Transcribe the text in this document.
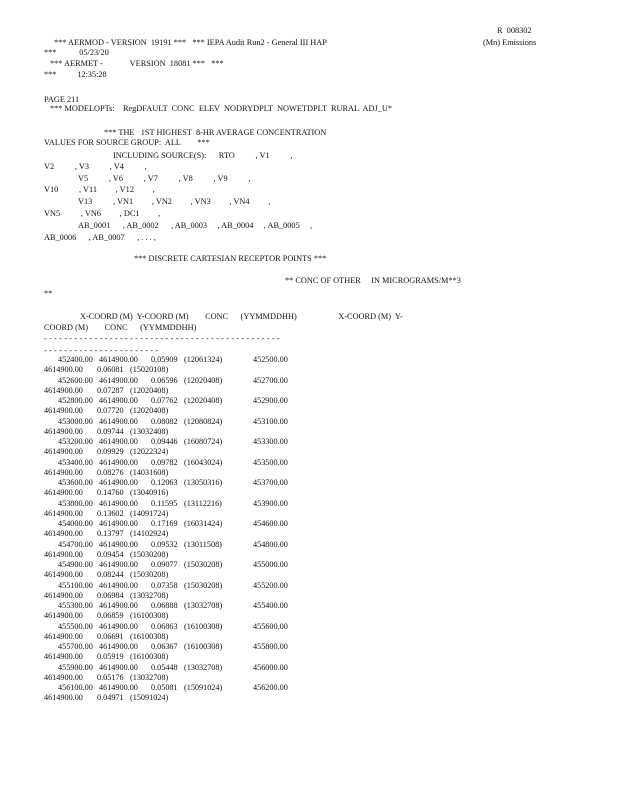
R  008302
*** AERMOD - VERSION  19191 ***   *** IEPA Audit Run2 - General III HAP	(Mn) Emissions
***           05/23/20
*** AERMET -             VERSION  18081 ***   ***
***          12:35:28
PAGE 211
*** MODELOPTs:    RegDFAULT  CONC  ELEV  NODRYDPLT  NOWETDPLT  RURAL  ADJ_U*
*** THE   1ST HIGHEST  8-HR AVERAGE CONCENTRATION
VALUES FOR SOURCE GROUP:  ALL        ***
INCLUDING SOURCE(S):      RTO          , V1          ,
V2          , V3          , V4          ,
V5          , V6          , V7          , V8          , V9          ,
V10          , V11         , V12         ,
V13          , VN1         , VN2         , VN3         , VN4         ,
VN5          , VN6         , DC1         ,
AB_0001      , AB_0002      , AB_0003     , AB_0004     , AB_0005     ,
AB_0006      , AB_0007      , . . . ,
*** DISCRETE CARTESIAN RECEPTOR POINTS ***
** CONC OF OTHER     IN MICROGRAMS/M**3
**
X-COORD (M)  Y-COORD (M)        CONC      (YYMMDDHH)                    X-COORD (M)  Y-
COORD (M)        CONC      (YYMMDDHH)
- - - - - - - - - - - - - - - - - - - - - - - - - - - - - - - - - - - - - - - - - - - - - - -
- - - - - - - - - - - - - - - - - - - - - - -
452400.00 4614900.00 0.05909 (12061324)	452500.00
4614900.00 0.06081 (15020108)
452600.00 4614900.00 0.06596 (12020408)	452700.00
4614900.00 0.07287 (12020408)
452800.00 4614900.00 0.07762 (12020408)	452900.00
4614900.00 0.07720 (12020408)
453000.00 4614900.00 0.08082 (12080824)	453100.00
4614900.00 0.09744 (13032408)
453200.00 4614900.00 0.09446 (16080724)	453300.00
4614900.00 0.09929 (12022324)
453400.00 4614900.00 0.09782 (16043024)	453500.00
4614900.00 0.08276 (14031608)
453600.00 4614900.00 0.12063 (13050316)	453700.00
4614900.00 0.14760 (13040916)
453800.00 4614900.00 0.11595 (13112216)	453900.00
4614900.00 0.13602 (14091724)
454000.00 4614900.00 0.17169 (16031424)	454600.00
4614900.00 0.13797 (14102924)
454700.00 4614900.00 0.09532 (13011508)	454800.00
4614900.00 0.09454 (15030208)
454900.00 4614900.00 0.09077 (15030208)	455000.00
4614900.00 0.08244 (15030208)
455100.00 4614900.00 0.07358 (15030208)	455200.00
4614900.00 0.06984 (13032708)
455300.00 4614900.00 0.06888 (13032708)	455400.00
4614900.00 0.06859 (16100308)
455500.00 4614900.00 0.06863 (16100308)	455600.00
4614900.00 0.06691 (16100308)
455700.00 4614900.00 0.06367 (16100308)	455800.00
4614900.00 0.05919 (16100308)
455900.00 4614900.00 0.05448 (13032708)	456000.00
4614900.00 0.05176 (13032708)
456100.00 4614900.00 0.05081 (15091024)	456200.00
4614900.00 0.04971 (15091024)
